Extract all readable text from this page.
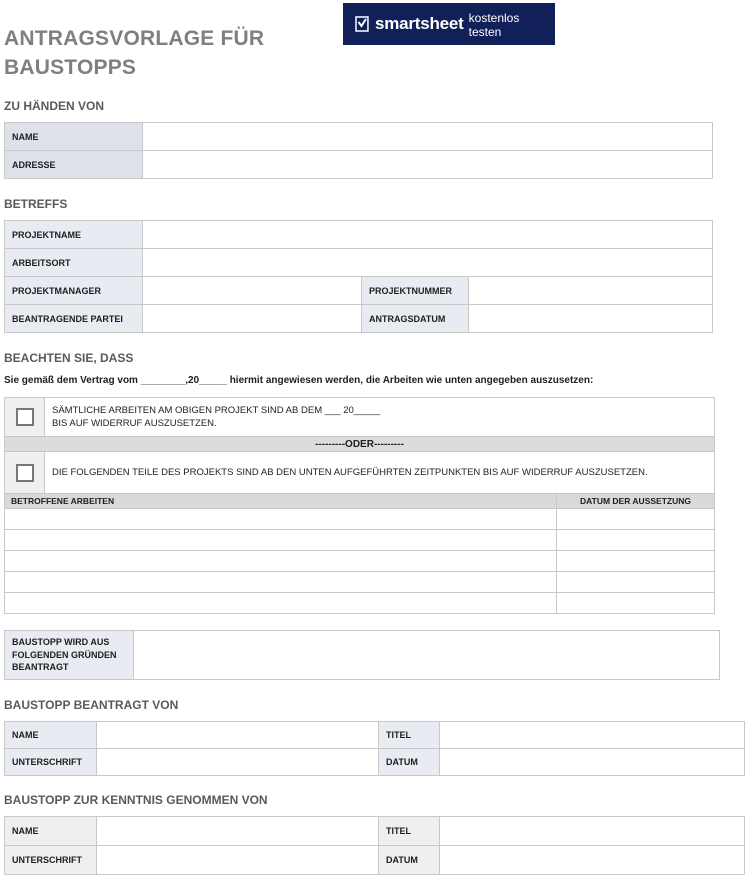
ANTRAGSVORLAGE FÜR BAUSTOPPS
smartsheet kostenlos testen
ZU HÄNDEN VON
NAME	
ADRESSE	
BETREFFS
PROJEKTNAME			
ARBEITSORT			
PROJEKTMANAGER		PROJEKTNUMMER	
BEANTRAGENDE PARTEI		ANTRAGSDATUM	
BEACHTEN SIE, DASS
Sie gemäß dem Vertrag vom ________,20_____ hiermit angewiesen werden, die Arbeiten wie unten angegeben auszusetzen:

	SÄMTLICHE ARBEITEN AM OBIGEN PROJEKT SIND AB DEM ___ 20_____
BIS AUF WIDERRUF AUSZUSETZEN.	

---------ODER---------		

	DIE FOLGENDEN TEILE DES PROJEKTS SIND AB DEN UNTEN AUFGEFÜHRTEN ZEITPUNKTEN BIS AUF WIDERRUF AUSZUSETZEN.	
BETROFFENE ARBEITEN		DATUM DER AUSSETZUNG

BAUSTOPP WIRD AUS FOLGENDEN GRÜNDEN BEANTRAGT	
BAUSTOPP BEANTRAGT VON
NAME		TITEL	
UNTERSCHRIFT		DATUM	
BAUSTOPP ZUR KENNTNIS GENOMMEN VON
NAME		TITEL	
UNTERSCHRIFT		DATUM	
